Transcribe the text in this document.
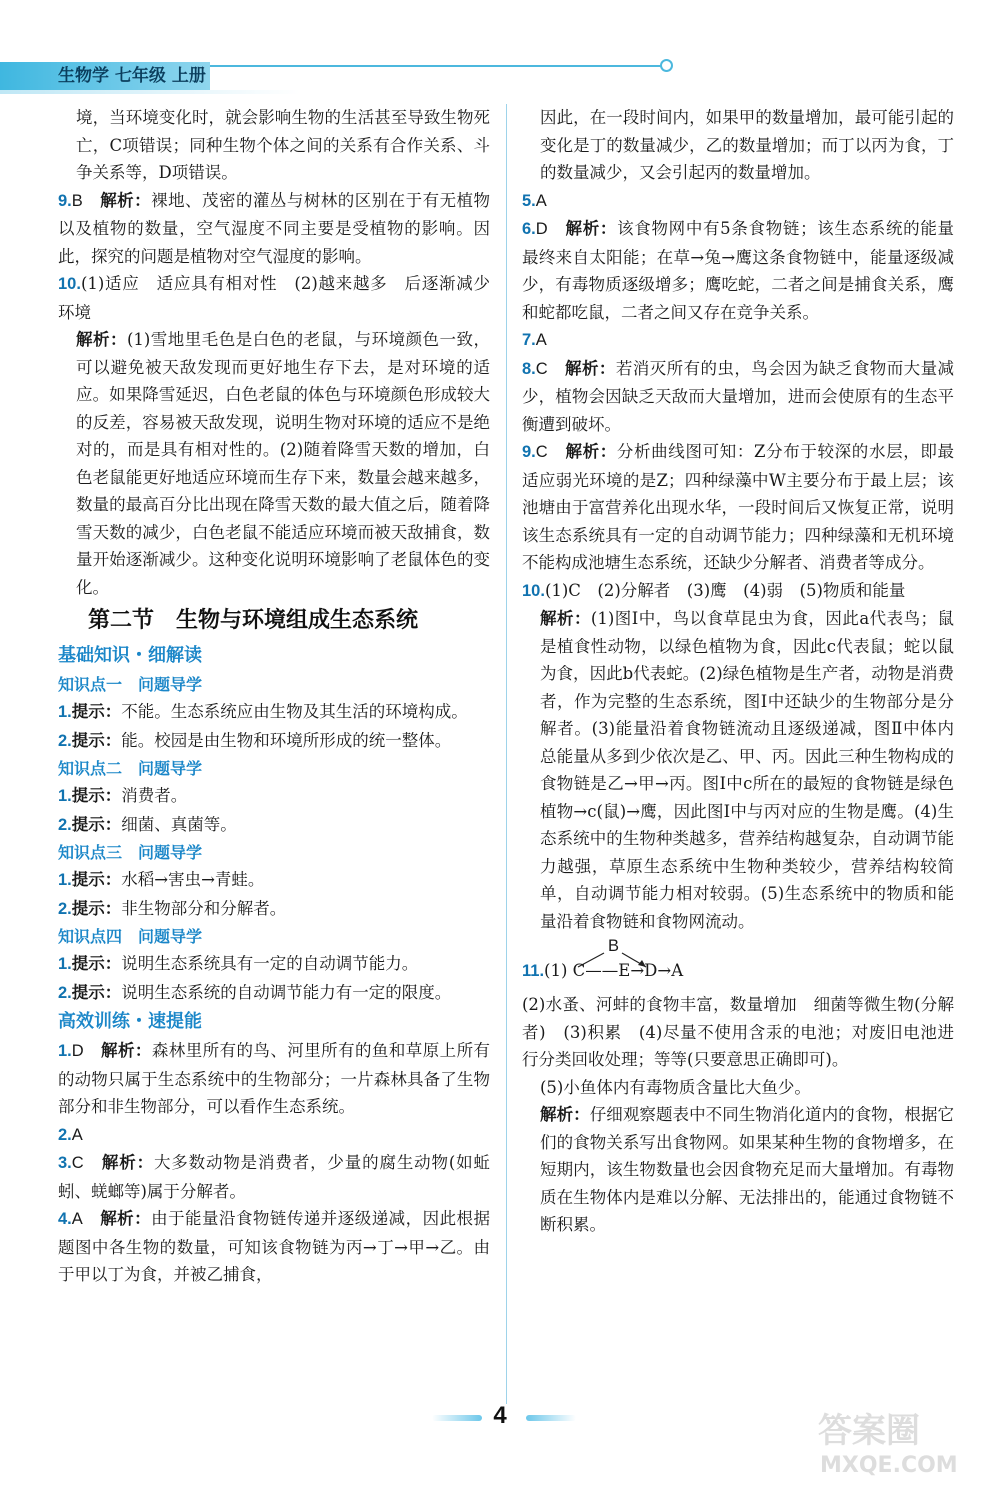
生物学 七年级 上册

境，当环境变化时，就会影响生物的生活甚至导致生物死亡，C项错误；同种生物个体之间的关系有合作关系、斗争关系等，D项错误。

9.B　 解析：裸地、茂密的灌丛与树林的区别在于有无植物以及植物的数量，空气湿度不同主要是受植物的影响。因此，探究的问题是植物对空气湿度的影响。

10.(1)适应　适应具有相对性　(2)越来越多　后逐渐减少　环境

解析：(1)雪地里毛色是白色的老鼠，与环境颜色一致，可以避免被天敌发现而更好地生存下去，是对环境的适应。如果降雪延迟，白色老鼠的体色与环境颜色形成较大的反差，容易被天敌发现，说明生物对环境的适应不是绝对的，而是具有相对性的。(2)随着降雪天数的增加，白色老鼠能更好地适应环境而生存下来，数量会越来越多，数量的最高百分比出现在降雪天数的最大值之后，随着降雪天数的减少，白色老鼠不能适应环境而被天敌捕食，数量开始逐渐减少。这种变化说明环境影响了老鼠体色的变化。

第二节　生物与环境组成生态系统

基础知识・细解读

知识点一　问题导学

1.提示：不能。生态系统应由生物及其生活的环境构成。

2.提示：能。校园是由生物和环境所形成的统一整体。

知识点二　问题导学

1.提示：消费者。

2.提示：细菌、真菌等。

知识点三　问题导学

1.提示：水稻→害虫→青蛙。

2.提示：非生物部分和分解者。

知识点四　问题导学

1.提示：说明生态系统具有一定的自动调节能力。

2.提示：说明生态系统的自动调节能力有一定的限度。

高效训练・速提能

1.D　 解析：森林里所有的鸟、河里所有的鱼和草原上所有的动物只属于生态系统中的生物部分；一片森林具备了生物部分和非生物部分，可以看作生态系统。

2.A

3.C　 解析：大多数动物是消费者，少量的腐生动物(如蚯蚓、蜣螂等)属于分解者。

4.A　 解析：由于能量沿食物链传递并逐级递减，因此根据题图中各生物的数量，可知该食物链为丙→丁→甲→乙。由于甲以丁为食，并被乙捕食，

因此，在一段时间内，如果甲的数量增加，最可能引起的变化是丁的数量减少，乙的数量增加；而丁以丙为食，丁的数量减少，又会引起丙的数量增加。

5.A

6.D　 解析：该食物网中有5条食物链；该生态系统的能量最终来自太阳能；在草→兔→鹰这条食物链中，能量逐级减少，有毒物质逐级增多；鹰吃蛇，二者之间是捕食关系，鹰和蛇都吃鼠，二者之间又存在竞争关系。

7.A

8.C　 解析：若消灭所有的虫，鸟会因为缺乏食物而大量减少，植物会因缺乏天敌而大量增加，进而会使原有的生态平衡遭到破坏。

9.C　 解析：分析曲线图可知：Z分布于较深的水层，即最适应弱光环境的是Z；四种绿藻中W主要分布于最上层；该池塘由于富营养化出现水华，一段时间后又恢复正常，说明该生态系统具有一定的自动调节能力；四种绿藻和无机环境不能构成池塘生态系统，还缺少分解者、消费者等成分。

10.(1)C　(2)分解者　(3)鹰　(4)弱　(5)物质和能量

解析：(1)图Ⅰ中，鸟以食草昆虫为食，因此a代表鸟；鼠是植食性动物，以绿色植物为食，因此c代表鼠；蛇以鼠为食，因此b代表蛇。(2)绿色植物是生产者，动物是消费者，作为完整的生态系统，图Ⅰ中还缺少的生物部分是分解者。(3)能量沿着食物链流动且逐级递减，图Ⅱ中体内总能量从多到少依次是乙、甲、丙。因此三种生物构成的食物链是乙→甲→丙。图Ⅰ中c所在的最短的食物链是绿色植物→c(鼠)→鹰，因此图Ⅰ中与丙对应的生物是鹰。(4)生态系统中的生物种类越多，营养结构越复杂，自动调节能力越强，草原生态系统中生物种类较少，营养结构较简单，自动调节能力相对较弱。(5)生态系统中的物质和能量沿着食物链和食物网流动。

B
11.(1) C——E→D→A

(2)水蚤、河蚌的食物丰富，数量增加　细菌等微生物(分解者)　(3)积累　(4)尽量不使用含汞的电池；对废旧电池进行分类回收处理；等等(只要意思正确即可)。

(5)小鱼体内有毒物质含量比大鱼少。

解析：仔细观察题表中不同生物消化道内的食物，根据它们的食物关系写出食物网。如果某种生物的食物增多，在短期内，该生物数量也会因食物充足而大量增加。有毒物质在生物体内是难以分解、无法排出的，能通过食物链不断积累。

4	答案圈
MXQE.COM
